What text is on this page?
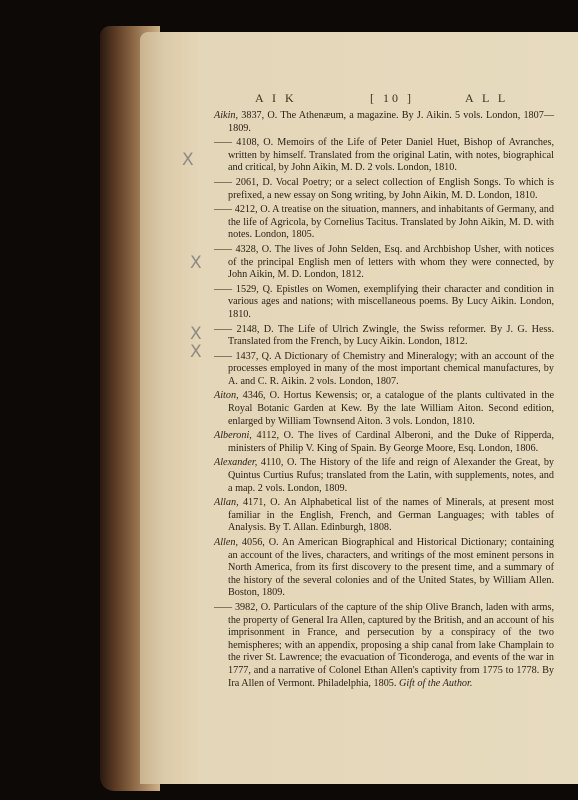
A I K	[ 10 ]	A L L
X
X
X
X
Aikin, 3837, O. The Athenæum, a magazine. By J. Aikin. 5 vols. London, 1807—1809.
—— 4108, O. Memoirs of the Life of Peter Daniel Huet, Bishop of Avranches, written by himself. Translated from the original Latin, with notes, biographical and critical, by John Aikin, M. D. 2 vols. London, 1810.
—— 2061, D. Vocal Poetry; or a select collection of English Songs. To which is prefixed, a new essay on Song writing, by John Aikin, M. D. London, 1810.
—— 4212, O. A treatise on the situation, manners, and inhabitants of Germany, and the life of Agricola, by Cornelius Tacitus. Translated by John Aikin, M. D. with notes. London, 1805.
—— 4328, O. The lives of John Selden, Esq. and Archbishop Usher, with notices of the principal English men of letters with whom they were connected, by John Aikin, M. D. London, 1812.
—— 1529, Q. Epistles on Women, exemplifying their character and condition in various ages and nations; with miscellaneous poems. By Lucy Aikin. London, 1810.
—— 2148, D. The Life of Ulrich Zwingle, the Swiss reformer. By J. G. Hess. Translated from the French, by Lucy Aikin. London, 1812.
—— 1437, Q. A Dictionary of Chemistry and Mineralogy; with an account of the processes employed in many of the most important chemical manufactures, by A. and C. R. Aikin. 2 vols. London, 1807.
Aiton, 4346, O. Hortus Kewensis; or, a catalogue of the plants cultivated in the Royal Botanic Garden at Kew. By the late William Aiton. Second edition, enlarged by William Townsend Aiton. 3 vols. London, 1810.
Alberoni, 4112, O. The lives of Cardinal Alberoni, and the Duke of Ripperda, ministers of Philip V. King of Spain. By George Moore, Esq. London, 1806.
Alexander, 4110, O. The History of the life and reign of Alexander the Great, by Quintus Curtius Rufus; translated from the Latin, with supplements, notes, and a map. 2 vols. London, 1809.
Allan, 4171, O. An Alphabetical list of the names of Minerals, at present most familiar in the English, French, and German Languages; with tables of Analysis. By T. Allan. Edinburgh, 1808.
Allen, 4056, O. An American Biographical and Historical Dictionary; containing an account of the lives, characters, and writings of the most eminent persons in North America, from its first discovery to the present time, and a summary of the history of the several colonies and of the United States, by William Allen. Boston, 1809.
—— 3982, O. Particulars of the capture of the ship Olive Branch, laden with arms, the property of General Ira Allen, captured by the British, and an account of his imprisonment in France, and persecution by a conspiracy of the two hemispheres; with an appendix, proposing a ship canal from lake Champlain to the river St. Lawrence; the evacuation of Ticonderoga, and events of the war in 1777, and a narrative of Colonel Ethan Allen's captivity from 1775 to 1778. By Ira Allen of Vermont. Philadelphia, 1805. Gift of the Author.
